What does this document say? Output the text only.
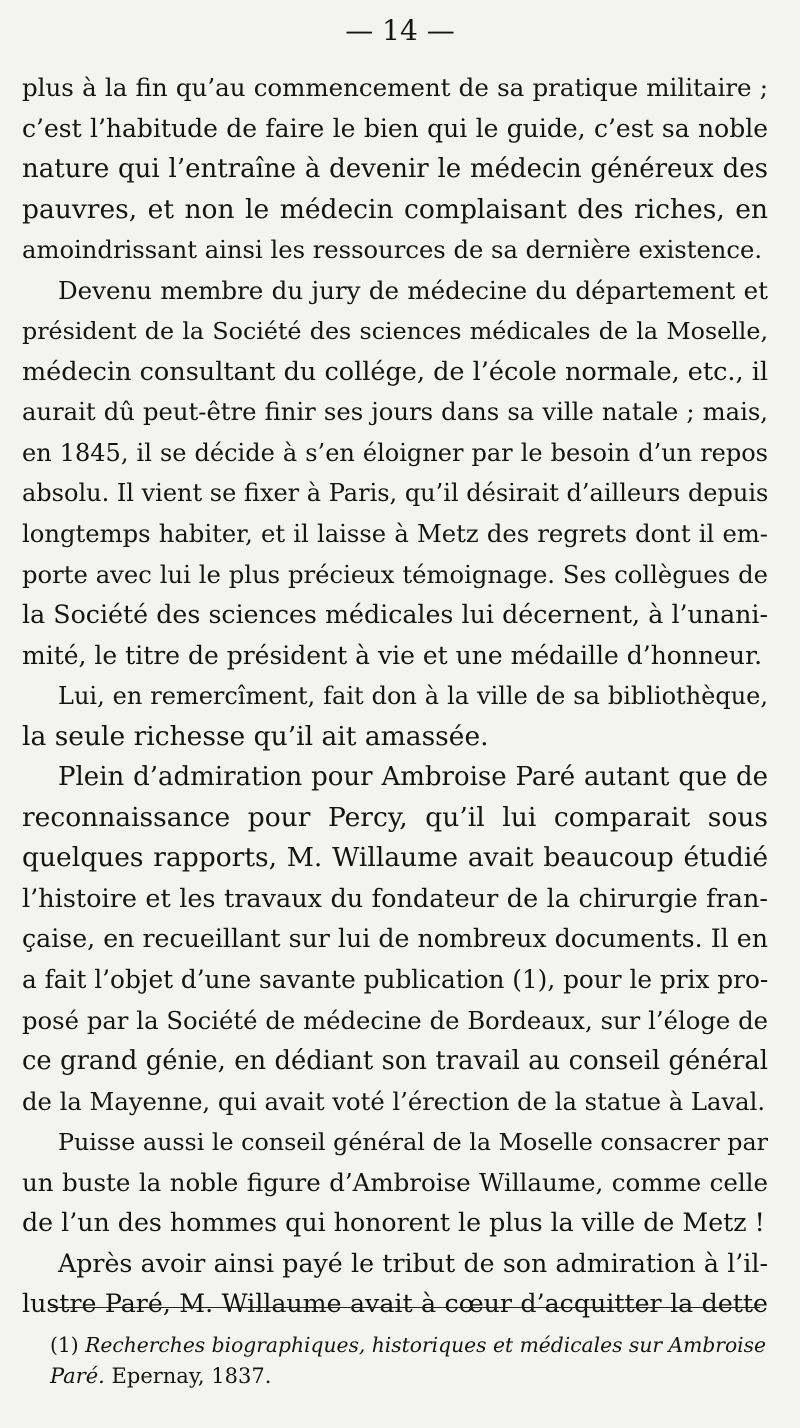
— 14 —
plus à la fin qu’au commencement de sa pratique militaire ;
c’est l’habitude de faire le bien qui le guide, c’est sa noble
nature qui l’entraîne à devenir le médecin généreux des
pauvres, et non le médecin complaisant des riches, en
amoindrissant ainsi les ressources de sa dernière existence.
Devenu membre du jury de médecine du département et
président de la Société des sciences médicales de la Moselle,
médecin consultant du collége, de l’école normale, etc., il
aurait dû peut-être finir ses jours dans sa ville natale ; mais,
en 1845, il se décide à s’en éloigner par le besoin d’un repos
absolu. Il vient se fixer à Paris, qu’il désirait d’ailleurs depuis
longtemps habiter, et il laisse à Metz des regrets dont il em-
porte avec lui le plus précieux témoignage. Ses collègues de
la Société des sciences médicales lui décernent, à l’unani-
mité, le titre de président à vie et une médaille d’honneur.
Lui, en remercîment, fait don à la ville de sa bibliothèque,
la seule richesse qu’il ait amassée.
Plein d’admiration pour Ambroise Paré autant que de
reconnaissance pour Percy, qu’il lui comparait sous
quelques rapports, M. Willaume avait beaucoup étudié
l’histoire et les travaux du fondateur de la chirurgie fran-
çaise, en recueillant sur lui de nombreux documents. Il en
a fait l’objet d’une savante publication (1), pour le prix pro-
posé par la Société de médecine de Bordeaux, sur l’éloge de
ce grand génie, en dédiant son travail au conseil général
de la Mayenne, qui avait voté l’érection de la statue à Laval.
Puisse aussi le conseil général de la Moselle consacrer par
un buste la noble figure d’Ambroise Willaume, comme celle
de l’un des hommes qui honorent le plus la ville de Metz !
Après avoir ainsi payé le tribut de son admiration à l’il-
lustre Paré, M. Willaume avait à cœur d’acquitter la dette
(1) Recherches biographiques, historiques et médicales sur Ambroise
Paré. Epernay, 1837.
